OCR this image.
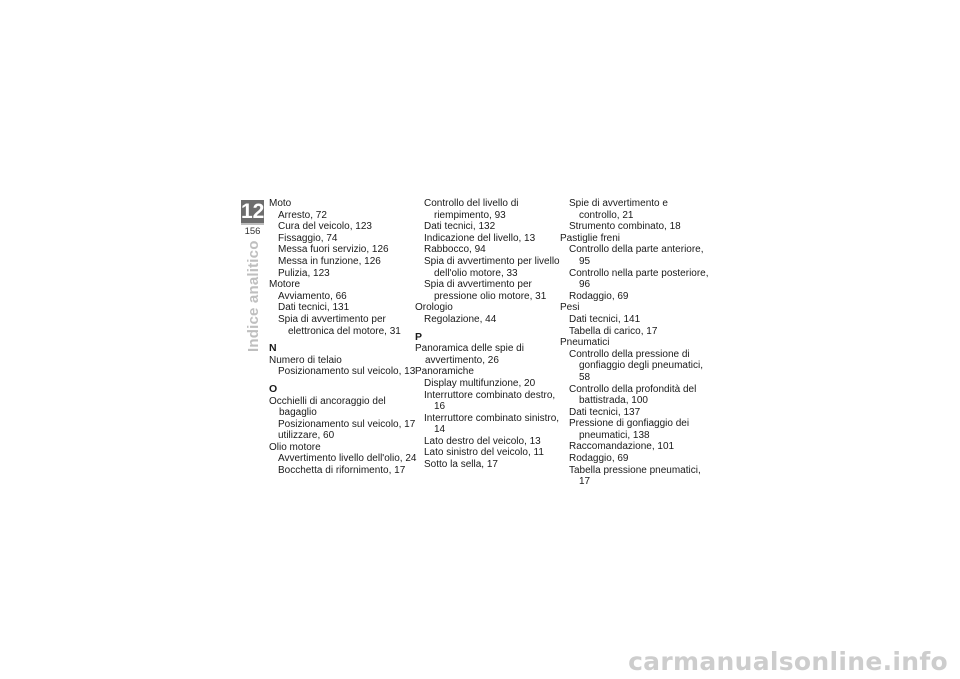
12
156
Indice analitico
Moto
Arresto, 72
Cura del veicolo, 123
Fissaggio, 74
Messa fuori servizio, 126
Messa in funzione, 126
Pulizia, 123
Motore
Avviamento, 66
Dati tecnici, 131
Spia di avvertimento per elettronica del motore, 31
N
Numero di telaio
Posizionamento sul veicolo, 13
O
Occhielli di ancoraggio del bagaglio
Posizionamento sul veicolo, 17
utilizzare, 60
Olio motore
Avvertimento livello dell'olio, 24
Bocchetta di rifornimento, 17
Controllo del livello di riempimento, 93
Dati tecnici, 132
Indicazione del livello, 13
Rabbocco, 94
Spia di avvertimento per livello dell'olio motore, 33
Spia di avvertimento per pressione olio motore, 31
Orologio
Regolazione, 44
P
Panoramica delle spie di avvertimento, 26
Panoramiche
Display multifunzione, 20
Interruttore combinato destro, 16
Interruttore combinato sinistro, 14
Lato destro del veicolo, 13
Lato sinistro del veicolo, 11
Sotto la sella, 17
Spie di avvertimento e controllo, 21
Strumento combinato, 18
Pastiglie freni
Controllo della parte anteriore, 95
Controllo nella parte posteriore, 96
Rodaggio, 69
Pesi
Dati tecnici, 141
Tabella di carico, 17
Pneumatici
Controllo della pressione di gonfiaggio degli pneumatici, 58
Controllo della profondità del battistrada, 100
Dati tecnici, 137
Pressione di gonfiaggio dei pneumatici, 138
Raccomandazione, 101
Rodaggio, 69
Tabella pressione pneumatici, 17
carmanualsonline.info
